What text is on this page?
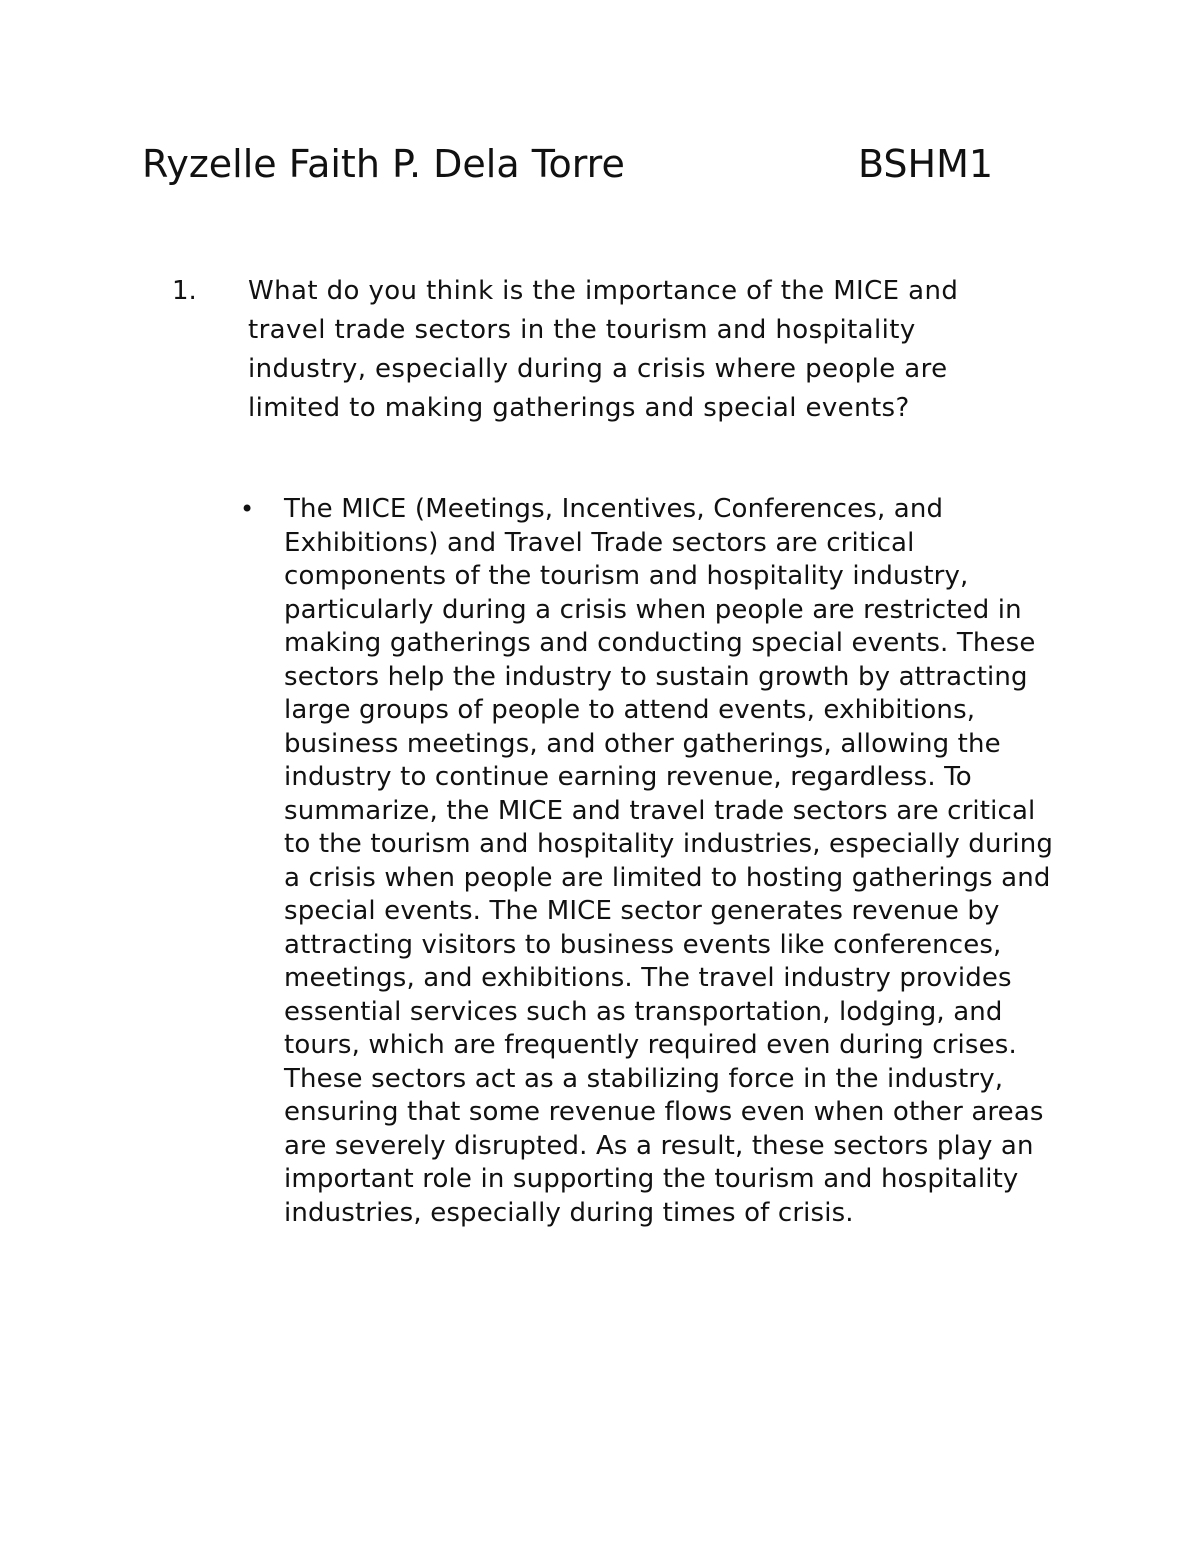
Ryzelle Faith P. Dela Torre	BSHM1
1. What do you think is the importance of the MICE and travel trade sectors in the tourism and hospitality industry, especially during a crisis where people are limited to making gatherings and special events?
• The MICE (Meetings, Incentives, Conferences, and Exhibitions) and Travel Trade sectors are critical components of the tourism and hospitality industry, particularly during a crisis when people are restricted in making gatherings and conducting special events. These sectors help the industry to sustain growth by attracting large groups of people to attend events, exhibitions, business meetings, and other gatherings, allowing the industry to continue earning revenue, regardless. To summarize, the MICE and travel trade sectors are critical to the tourism and hospitality industries, especially during a crisis when people are limited to hosting gatherings and special events. The MICE sector generates revenue by attracting visitors to business events like conferences, meetings, and exhibitions. The travel industry provides essential services such as transportation, lodging, and tours, which are frequently required even during crises. These sectors act as a stabilizing force in the industry, ensuring that some revenue flows even when other areas are severely disrupted. As a result, these sectors play an important role in supporting the tourism and hospitality industries, especially during times of crisis.
